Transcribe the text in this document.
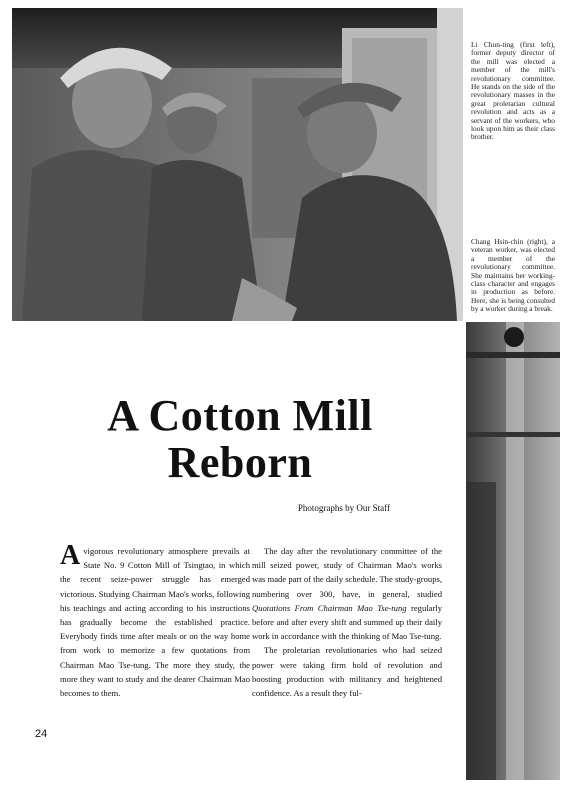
Li Chun-ting (first left), former deputy director of the mill was elected a member of the mill's revolutionary committee. He stands on the side of the revolutionary masses in the great proletarian cultural revolution and acts as a servant of the workers, who look upon him as their class brother.
Chang Hsin-chin (right), a veteran worker, was elected a member of the revolutionary committee. She maintains her working-class character and engages in production as before. Here, she is being consulted by a worker during a break.
A Cotton Mill
Reborn
Photographs by Our Staff

Avigorous revolutionary atmosphere prevails at State No. 9 Cotton Mill of Tsingtao, in which the recent seize-power struggle has emerged victorious. Studying Chairman Mao's works, following his teachings and acting according to his instructions has gradually become the established practice. Everybody finds time after meals or on the way home from work to memorize a few quotations from Chairman Mao Tse-tung. The more they study, the more they want to study and the dearer Chairman Mao becomes to them.

The day after the revolutionary committee of the mill seized power, study of Chairman Mao's works was made part of the daily schedule. The study-groups, numbering over 300, have, in general, studied Quotations From Chairman Mao Tse-tung regularly before and after every shift and summed up their daily work in accordance with the thinking of Mao Tse-tung.

The proletarian revolutionaries who had seized power were taking firm hold of revolution and boosting production with militancy and heightened confidence. As a result they ful-

24
